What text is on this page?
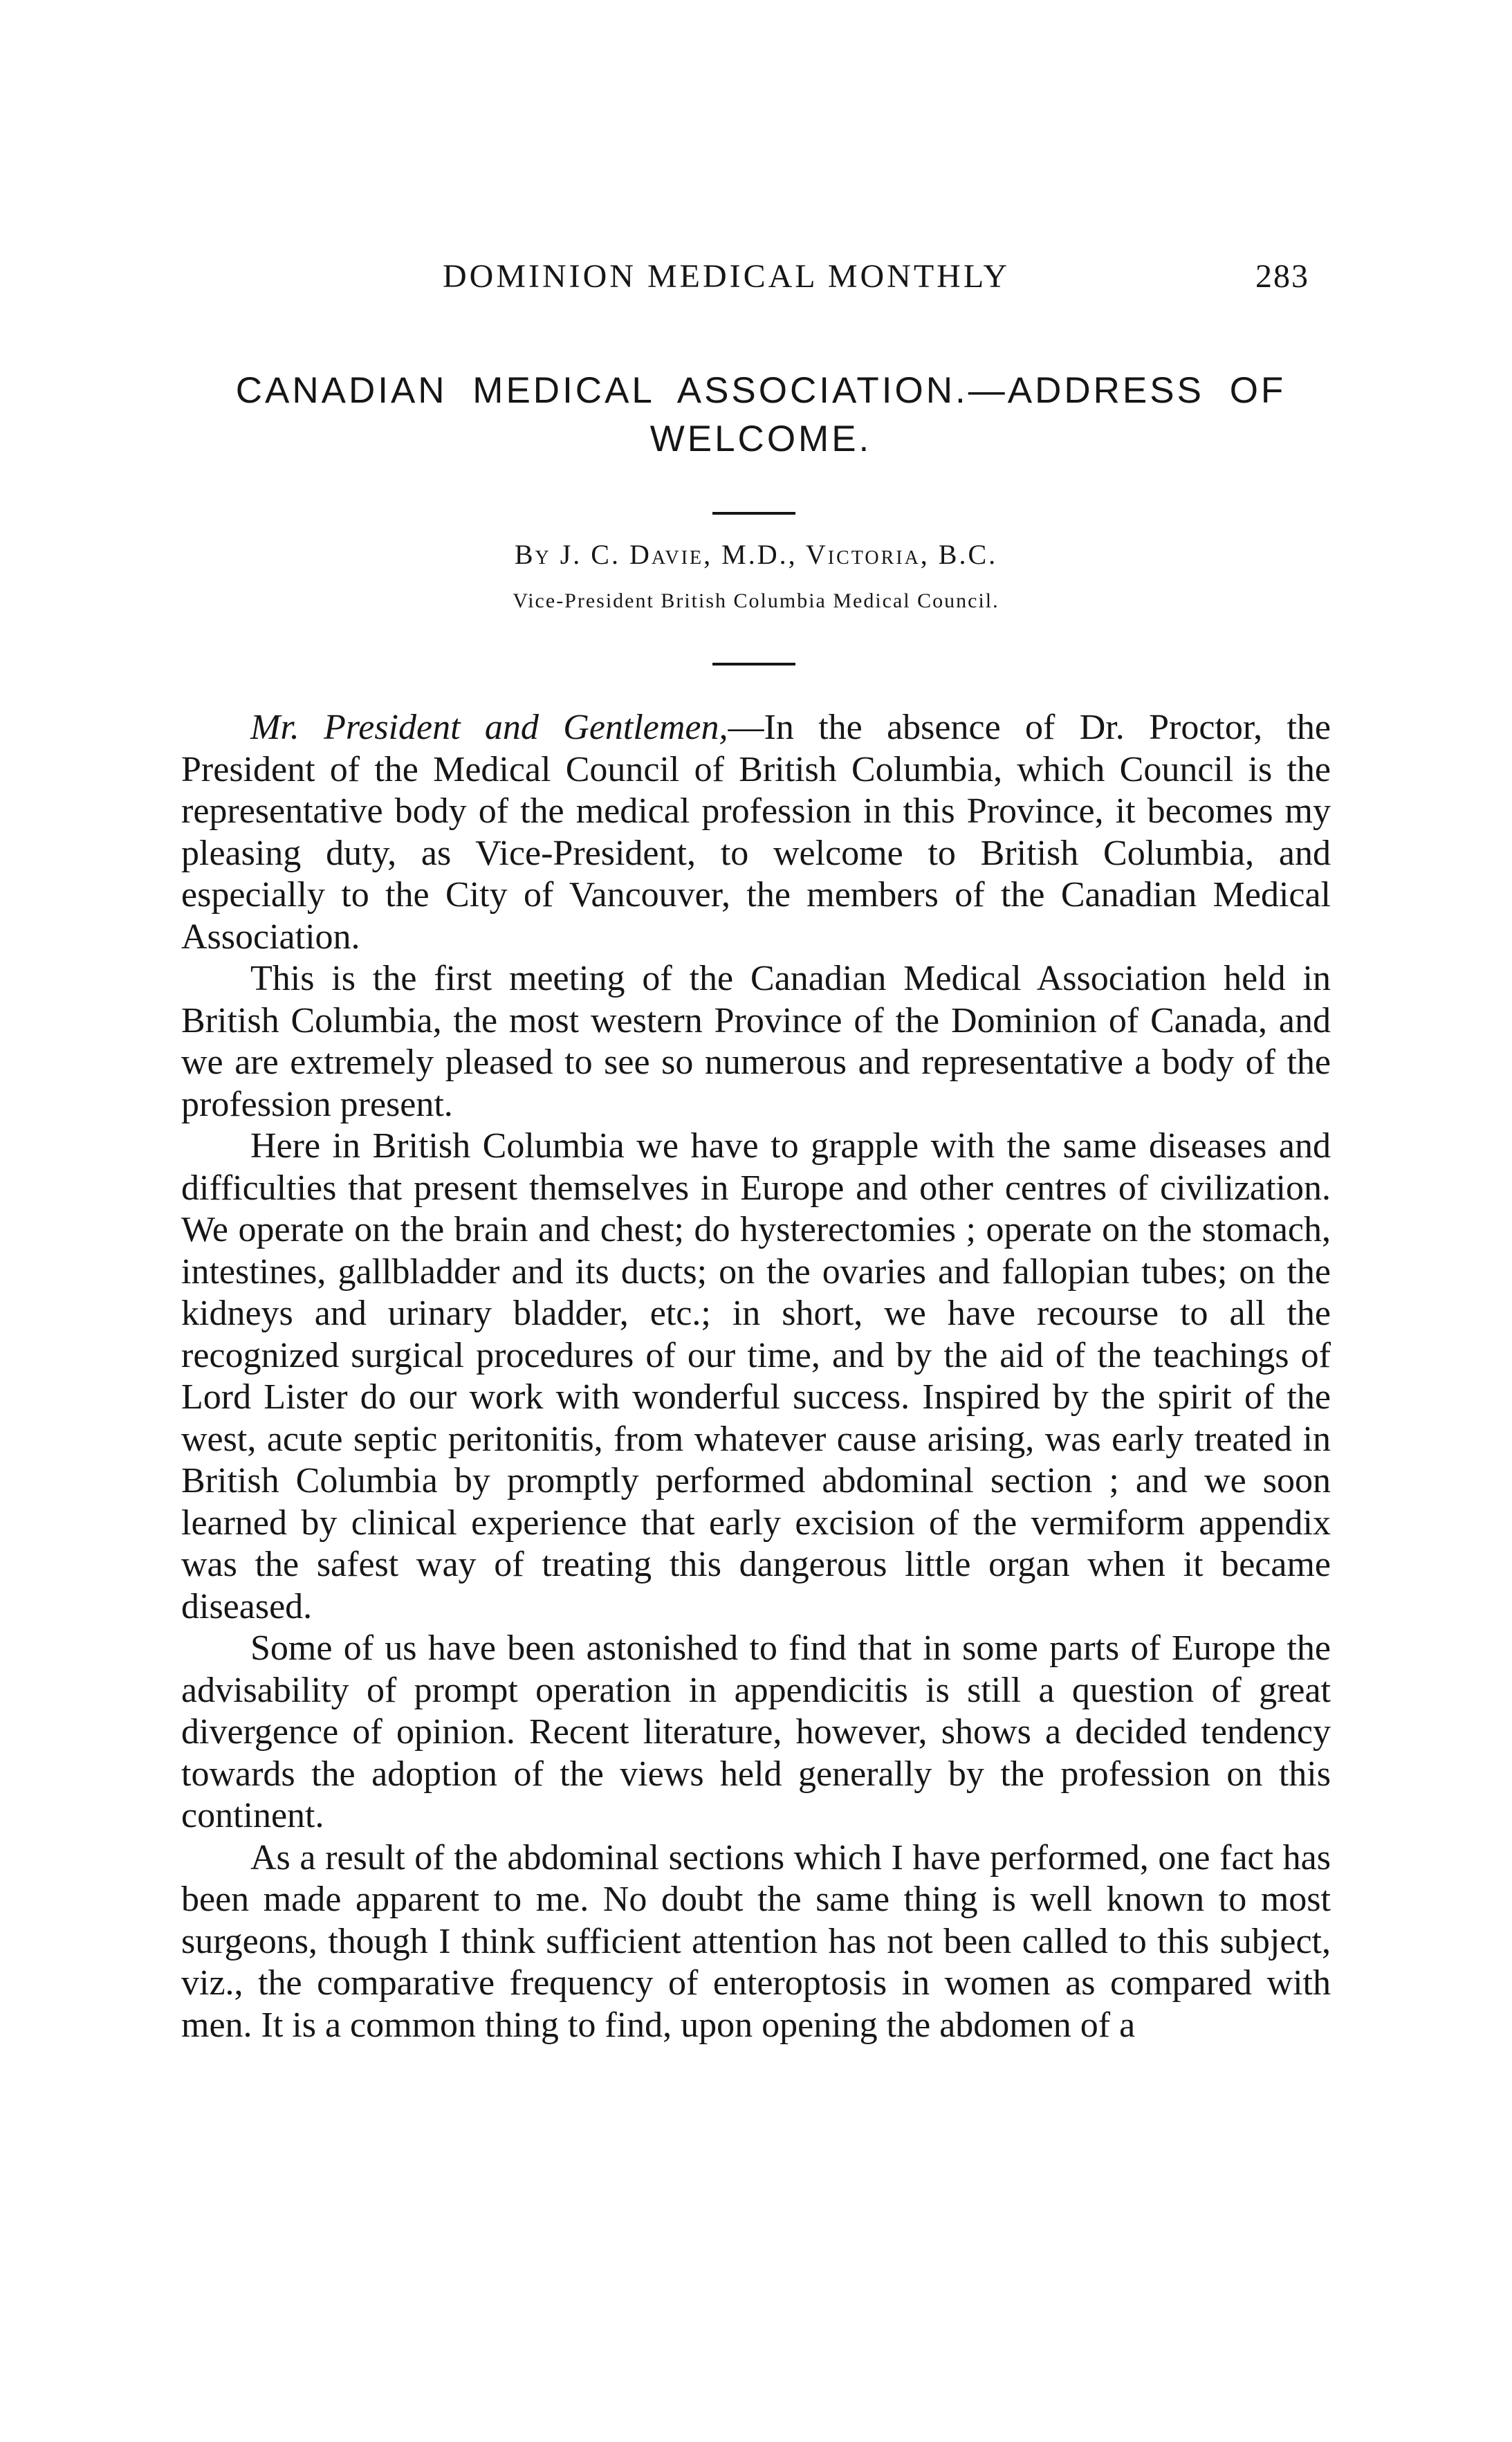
DOMINION MEDICAL MONTHLY	283
CANADIAN MEDICAL ASSOCIATION.—ADDRESS OF WELCOME.
By J. C. Davie, M.D., Victoria, B.C.
Vice-President British Columbia Medical Council.

Mr. President and Gentlemen,—In the absence of Dr. Proctor, the President of the Medical Council of British Columbia, which Council is the representative body of the medical profession in this Province, it becomes my pleasing duty, as Vice-President, to welcome to British Columbia, and especially to the City of Vancouver, the members of the Canadian Medical Association.

This is the first meeting of the Canadian Medical Association held in British Columbia, the most western Province of the Dominion of Canada, and we are extremely pleased to see so numerous and representative a body of the profession present.

Here in British Columbia we have to grapple with the same diseases and difficulties that present themselves in Europe and other centres of civilization. We operate on the brain and chest; do hysterectomies ; operate on the stomach, intestines, gallbladder and its ducts; on the ovaries and fallopian tubes; on the kidneys and urinary bladder, etc.; in short, we have recourse to all the recognized surgical procedures of our time, and by the aid of the teachings of Lord Lister do our work with wonderful success. Inspired by the spirit of the west, acute septic peritonitis, from whatever cause arising, was early treated in British Columbia by promptly performed abdominal section ; and we soon learned by clinical experience that early excision of the vermiform appendix was the safest way of treating this dangerous little organ when it became diseased.

Some of us have been astonished to find that in some parts of Europe the advisability of prompt operation in appendicitis is still a question of great divergence of opinion. Recent literature, however, shows a decided tendency towards the adoption of the views held generally by the profession on this continent.

As a result of the abdominal sections which I have performed, one fact has been made apparent to me. No doubt the same thing is well known to most surgeons, though I think sufficient attention has not been called to this subject, viz., the comparative frequency of enteroptosis in women as compared with men. It is a common thing to find, upon opening the abdomen of a
